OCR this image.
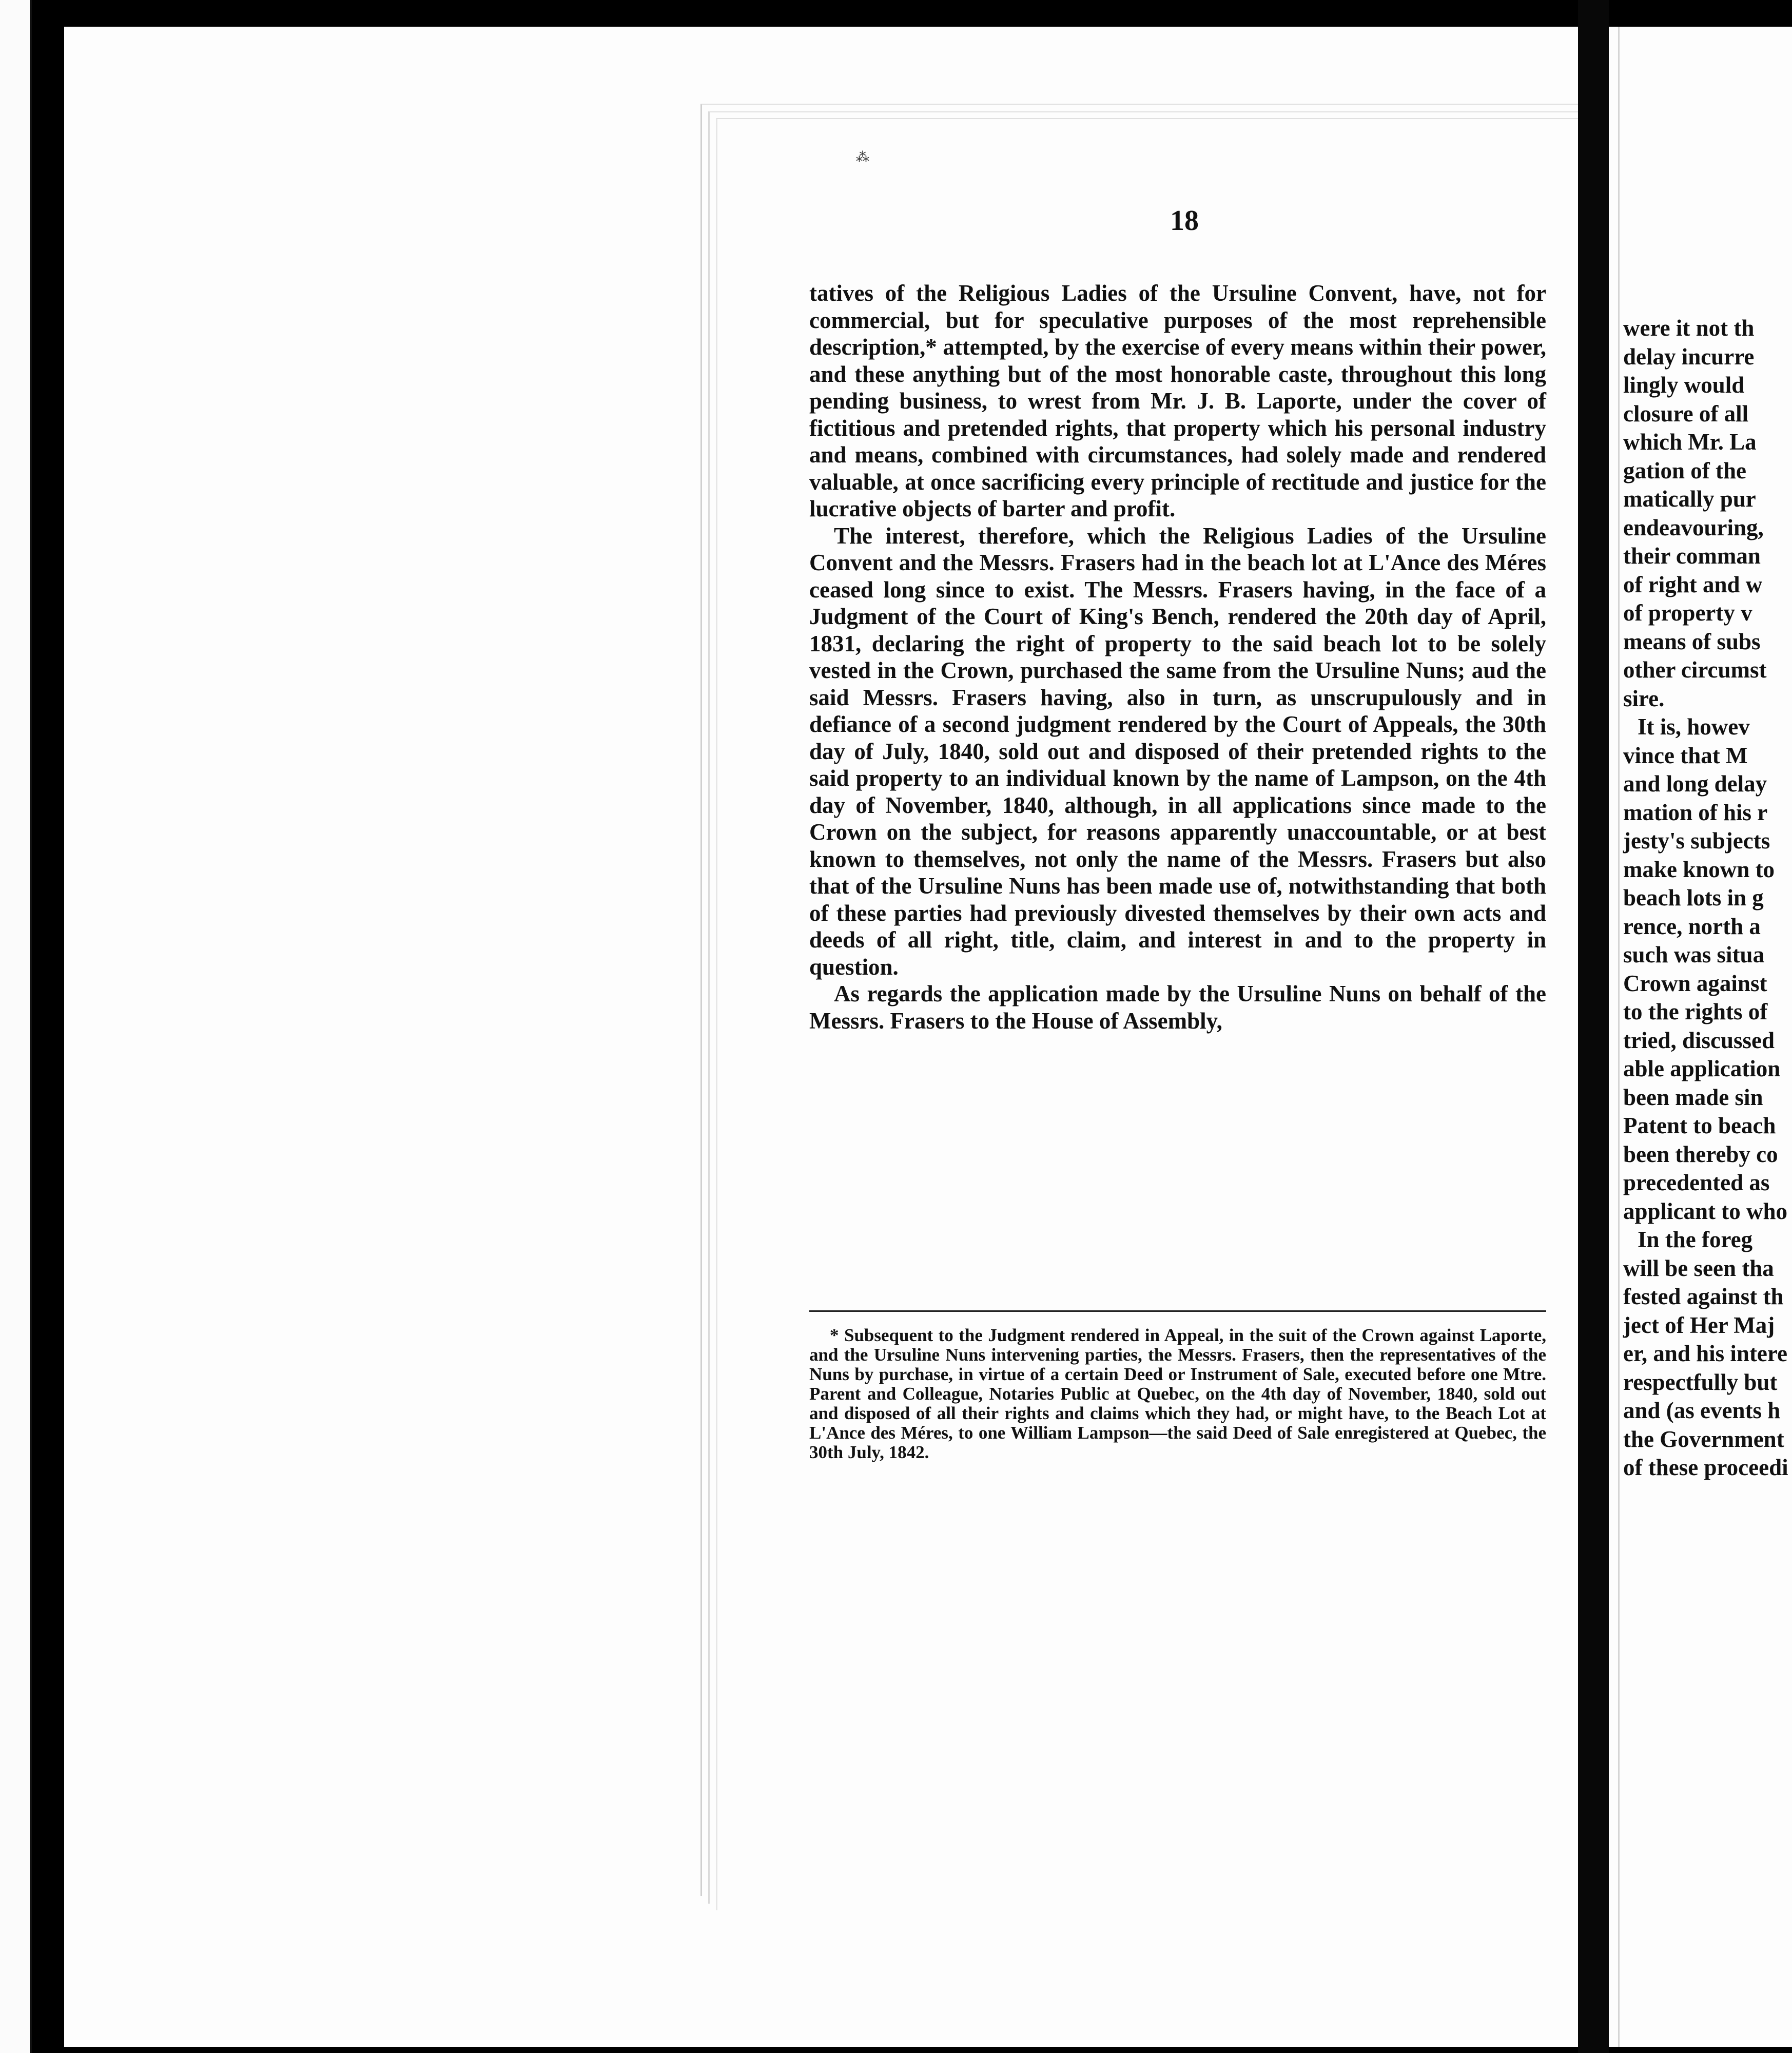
were it not th
delay incurre
lingly would
closure of all
which Mr. La
gation of the
matically pur
endeavouring,
their comman
of right and w
of property v
means of subs
other circumst
sire.
It is, howev
vince that M
and long delay
mation of his r
jesty's subjects
make known to
beach lots in g
rence, north a
such was situa
Crown against
to the rights of
tried, discussed
able application
been made sin
Patent to beach
been thereby co
precedented as
applicant to who
In the foreg
will be seen tha
fested against th
ject of Her Maj
er, and his intere
respectfully but
and (as events h
the Government
of these proceedi
⁂
18

tatives of the Religious Ladies of the Ursuline Convent, have, not for commercial, but for speculative purposes of the most reprehensible description,* attempted, by the exercise of every means within their power, and these anything but of the most honorable caste, throughout this long pending business, to wrest from Mr. J. B. Laporte, under the cover of fictitious and pretended rights, that property which his personal industry and means, combined with circumstances, had solely made and rendered valuable, at once sacrificing every principle of rectitude and justice for the lucrative objects of barter and profit.

The interest, therefore, which the Religious Ladies of the Ursuline Convent and the Messrs. Frasers had in the beach lot at L'Ance des Méres ceased long since to exist. The Messrs. Frasers having, in the face of a Judgment of the Court of King's Bench, rendered the 20th day of April, 1831, declaring the right of property to the said beach lot to be solely vested in the Crown, purchased the same from the Ursuline Nuns; aud the said Messrs. Frasers having, also in turn, as unscrupulously and in defiance of a second judgment rendered by the Court of Appeals, the 30th day of July, 1840, sold out and disposed of their pretended rights to the said property to an individual known by the name of Lampson, on the 4th day of November, 1840, although, in all applications since made to the Crown on the subject, for reasons apparently unaccountable, or at best known to themselves, not only the name of the Messrs. Frasers but also that of the Ursuline Nuns has been made use of, notwithstanding that both of these parties had previously divested themselves by their own acts and deeds of all right, title, claim, and interest in and to the property in question.

As regards the application made by the Ursuline Nuns on behalf of the Messrs. Frasers to the House of Assembly,

* Subsequent to the Judgment rendered in Appeal, in the suit of the Crown against Laporte, and the Ursuline Nuns intervening parties, the Messrs. Frasers, then the representatives of the Nuns by purchase, in virtue of a certain Deed or Instrument of Sale, executed before one Mtre. Parent and Colleague, Notaries Public at Quebec, on the 4th day of November, 1840, sold out and disposed of all their rights and claims which they had, or might have, to the Beach Lot at L'Ance des Méres, to one William Lampson—the said Deed of Sale enregistered at Quebec, the 30th July, 1842.
